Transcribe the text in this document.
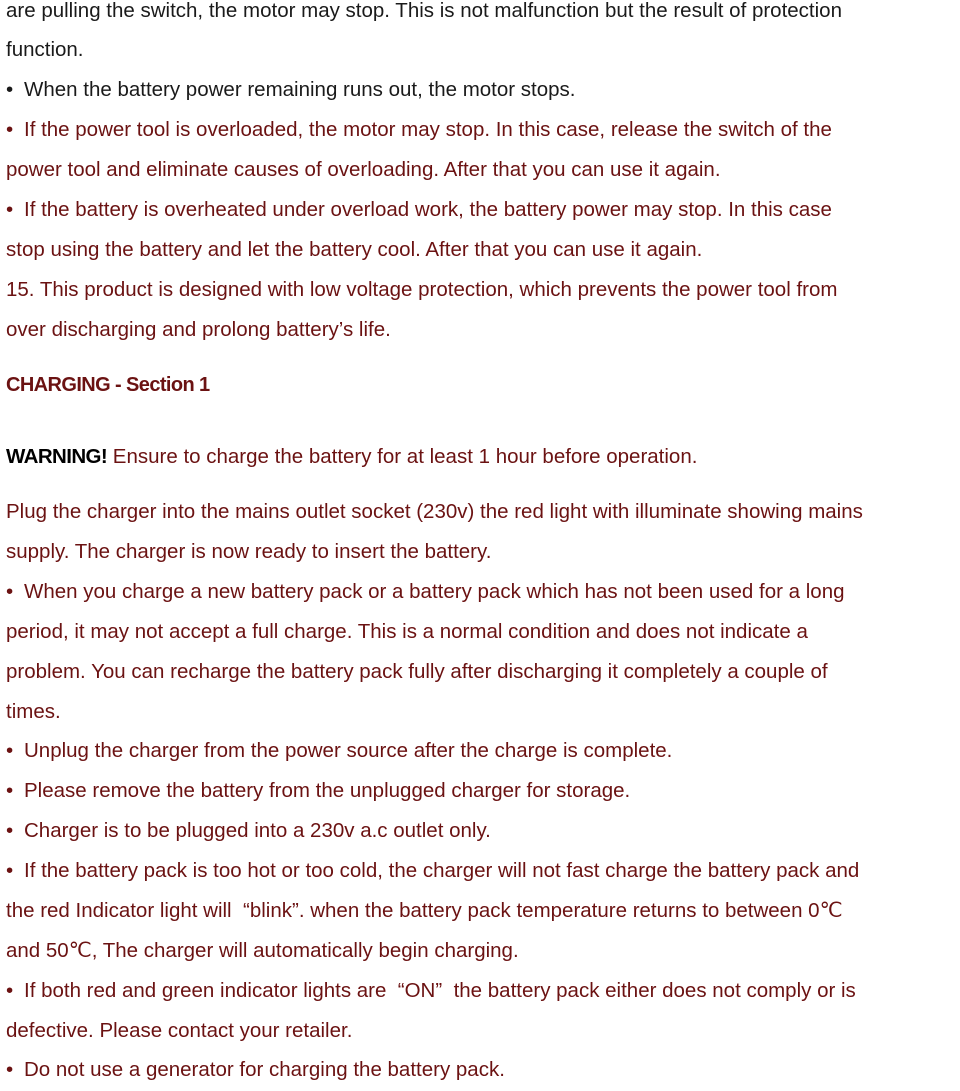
are pulling the switch, the motor may stop. This is not malfunction but the result of protection
function.
• When the battery power remaining runs out, the motor stops.
• If the power tool is overloaded, the motor may stop. In this case, release the switch of the
power tool and eliminate causes of overloading. After that you can use it again.
• If the battery is overheated under overload work, the battery power may stop. In this case
stop using the battery and let the battery cool. After that you can use it again.
15. This product is designed with low voltage protection, which prevents the power tool from
over discharging and prolong battery’s life.
CHARGING - Section 1
WARNING! Ensure to charge the battery for at least 1 hour before operation.
Plug the charger into the mains outlet socket (230v) the red light with illuminate showing mains
supply. The charger is now ready to insert the battery.
• When you charge a new battery pack or a battery pack which has not been used for a long
period, it may not accept a full charge. This is a normal condition and does not indicate a
problem. You can recharge the battery pack fully after discharging it completely a couple of
times.
• Unplug the charger from the power source after the charge is complete.
• Please remove the battery from the unplugged charger for storage.
• Charger is to be plugged into a 230v a.c outlet only.
• If the battery pack is too hot or too cold, the charger will not fast charge the battery pack and
the red Indicator light will  “blink”. when the battery pack temperature returns to between 0℃
and 50℃, The charger will automatically begin charging.
• If both red and green indicator lights are  “ON”  the battery pack either does not comply or is
defective. Please contact your retailer.
• Do not use a generator for charging the battery pack.
